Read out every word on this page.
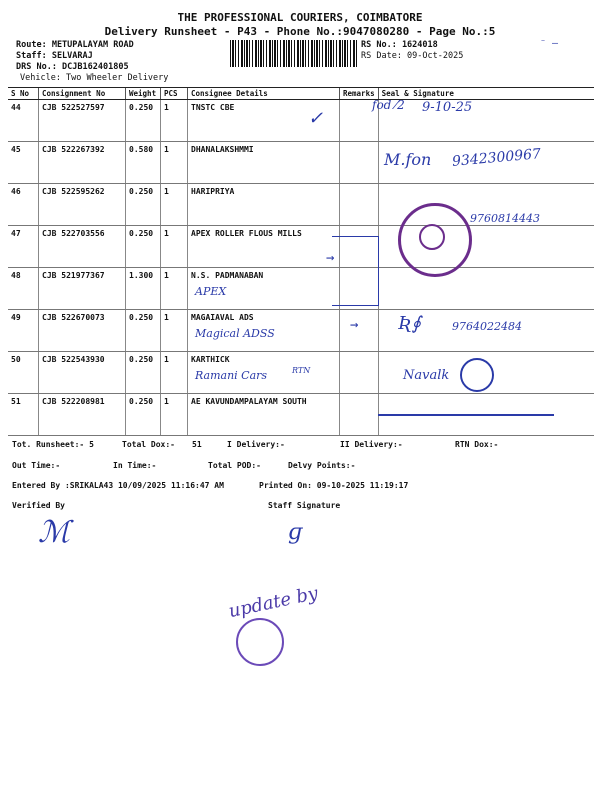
THE PROFESSIONAL COURIERS, COIMBATORE
Delivery Runsheet - P43 - Phone No.:9047080280 - Page No.:5
Route: METUPALAYAM ROAD
Staff: SELVARAJ
DRS No.: DCJB162401805
Vehicle: Two Wheeler Delivery
RS No.: 1624018
RS Date: 09-Oct-2025
⁻ —
S No	Consignment No	Weight	PCS	Consignee Details	Remarks	Seal & Signature

44	CJB 522527597	0.250	1	TNSTC CBE		

45	CJB 522267392	0.580	1	DHANALAKSHMMI		

46	CJB 522595262	0.250	1	HARIPRIYA		

47	CJB 522703556	0.250	1	APEX ROLLER FLOUS MILLS		

48	CJB 521977367	1.300	1	N.S. PADMANABAN
APEX		

49	CJB 522670073	0.250	1	MAGAIAVAL ADS
Magical ADSS		

50	CJB 522543930	0.250	1	KARTHICK
Ramani Cars		

51	CJB 522208981	0.250	1	AE KAVUNDAMPALAYAM SOUTH		

✓
fod ⁄2 9-10-25
M.fon 9342300967
9760814443
→
→ Ʀ∮	9764022484
Navalk
RTN
Tot. Runsheet:- 5	Total Dox:- 51	I Delivery:-	II Delivery:-	RTN Dox:-
Out Time:-	In Time:-	Total POD:-	Delvy Points:-
Entered By :SRIKALA43 10/09/2025 11:16:47 AM	Printed On: 09-10-2025 11:19:17
Verified By	Staff Signature
ℳ	ɡ
update by
